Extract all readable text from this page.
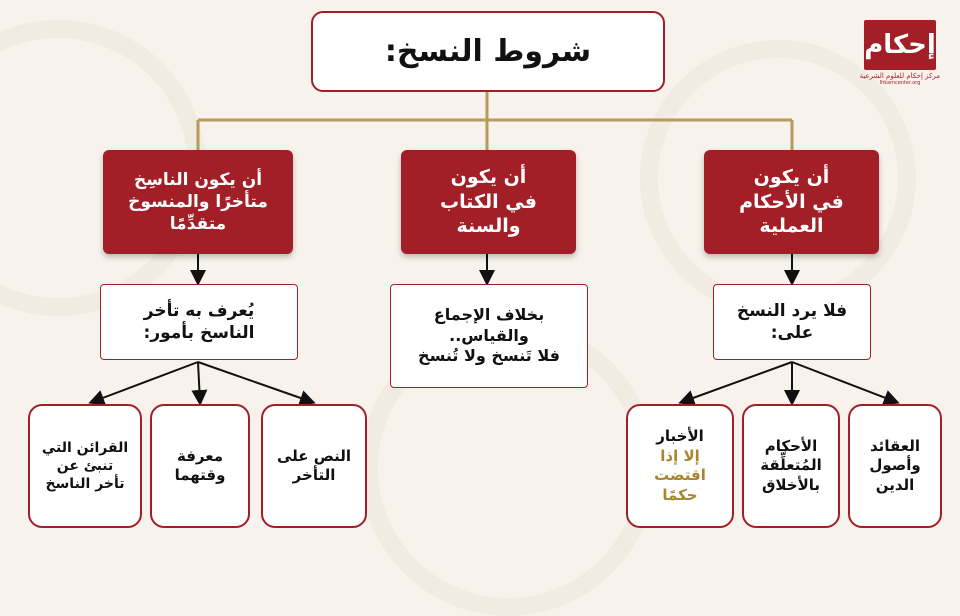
شروط النسخ:	إحكام
مركز إحكام للعلوم الشرعية
Ihkamcenter.org
أن يكون
في الأحكام
العملية
أن يكون
في الكتاب
والسنة
أن يكون الناسِخ
متأخرًا والمنسوخ
متقدِّمًا
فلا يرد النسخ
على:
بخلاف الإجماع
والقياس..
فلا تَنسخ ولا تُنسخ
يُعرف به تأخر
الناسخ بأمور:
العقائد
وأصول
الدين
الأحكام
المُتعلِّقة
بالأخلاق
الأخبار
إلا إذا
اقتضت
حكمًا
النص على
التأخر
معرفة
وقتهما
القرائن التي
تنبئ عن
تأخر الناسخ
